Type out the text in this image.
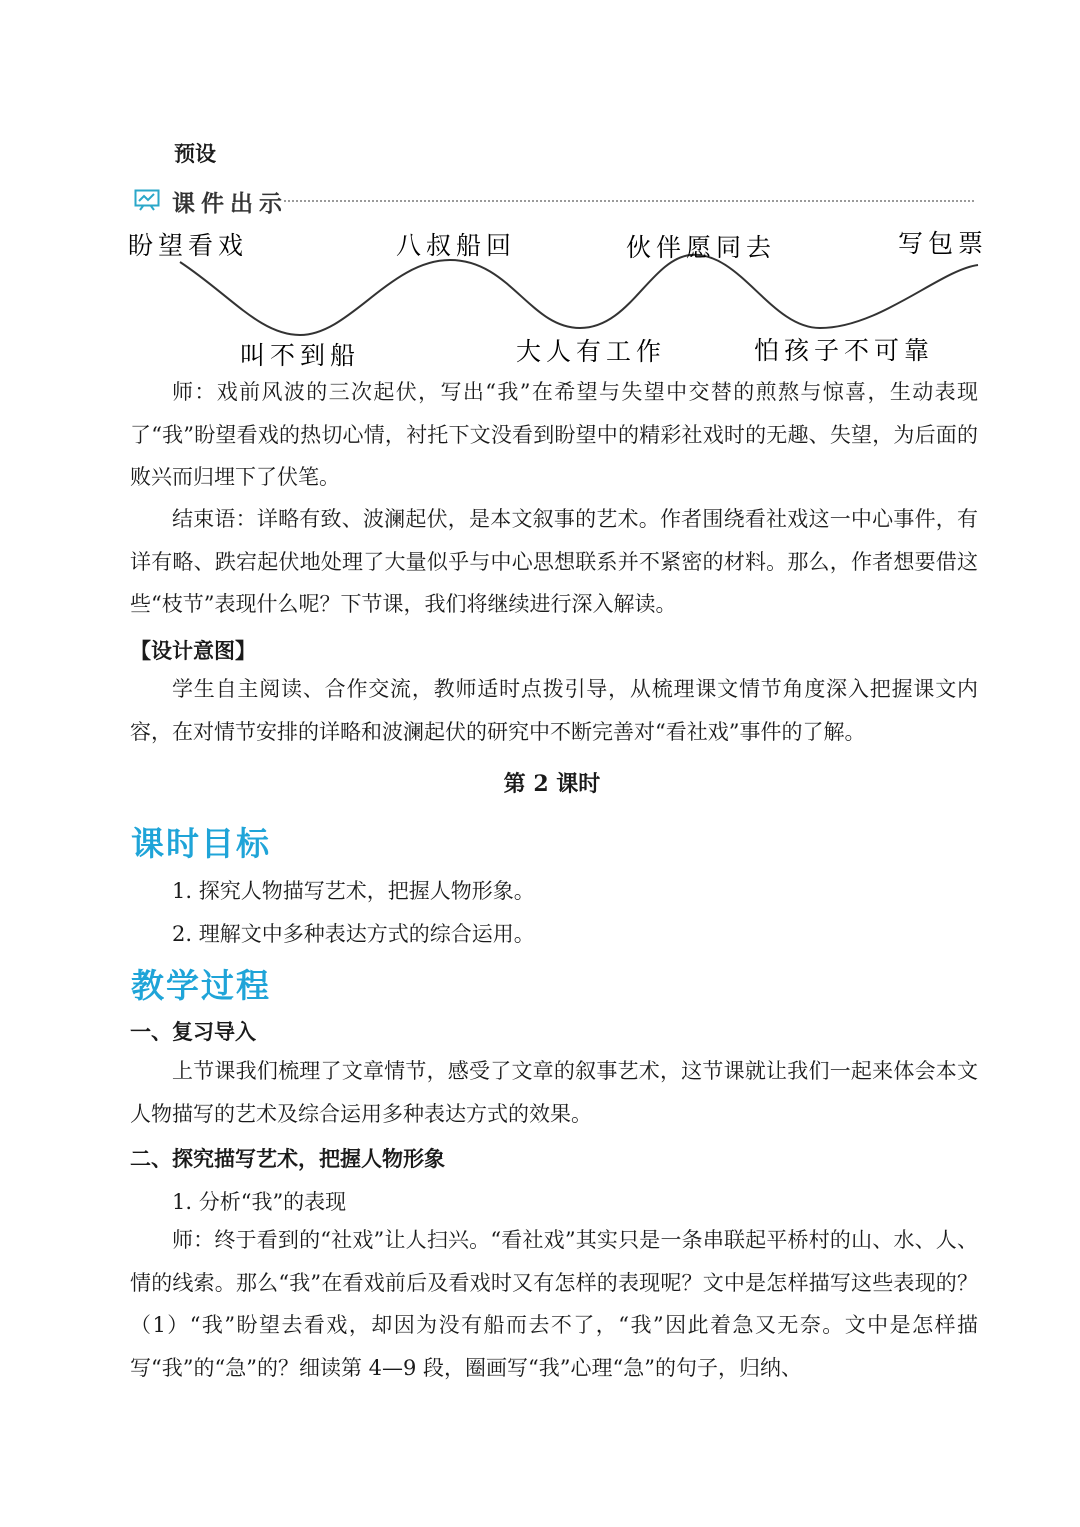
预设
课件出示
盼望看戏	八叔船回	伙伴愿同去	写包票
叫不到船	大人有工作	怕孩子不可靠
师：戏前风波的三次起伏，写出“我”在希望与失望中交替的煎熬与惊喜，生动表现了“我”盼望看戏的热切心情，衬托下文没看到盼望中的精彩社戏时的无趣、失望，为后面的败兴而归埋下了伏笔。
结束语：详略有致、波澜起伏，是本文叙事的艺术。作者围绕看社戏这一中心事件，有详有略、跌宕起伏地处理了大量似乎与中心思想联系并不紧密的材料。那么，作者想要借这些“枝节”表现什么呢？下节课，我们将继续进行深入解读。
【设计意图】
学生自主阅读、合作交流，教师适时点拨引导，从梳理课文情节角度深入把握课文内容，在对情节安排的详略和波澜起伏的研究中不断完善对“看社戏”事件的了解。
第 2 课时
课时目标
1. 探究人物描写艺术，把握人物形象。
2. 理解文中多种表达方式的综合运用。
教学过程
一、复习导入
上节课我们梳理了文章情节，感受了文章的叙事艺术，这节课就让我们一起来体会本文人物描写的艺术及综合运用多种表达方式的效果。
二、探究描写艺术，把握人物形象
1. 分析“我”的表现
师：终于看到的“社戏”让人扫兴。“看社戏”其实只是一条串联起平桥村的山、水、人、情的线索。那么“我”在看戏前后及看戏时又有怎样的表现呢？文中是怎样描写这些表现的？（1）“我”盼望去看戏，却因为没有船而去不了，“我”因此着急又无奈。文中是怎样描写“我”的“急”的？细读第 4—9 段，圈画写“我”心理“急”的句子，归纳、
